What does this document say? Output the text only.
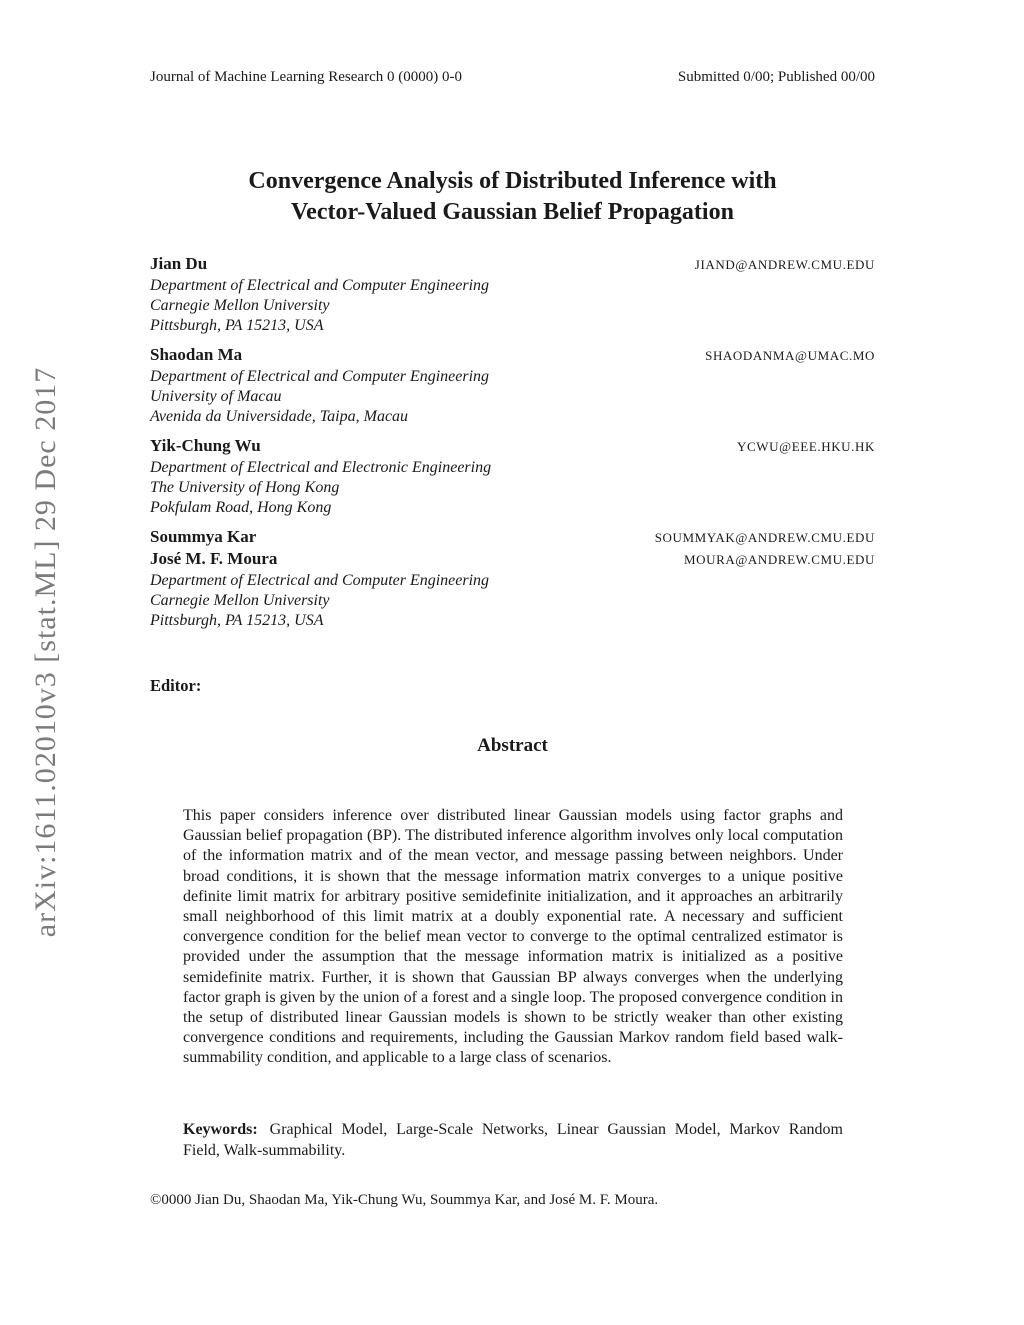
arXiv:1611.02010v3 [stat.ML] 29 Dec 2017
Journal of Machine Learning Research 0 (0000) 0-0	Submitted 0/00; Published 00/00
Convergence Analysis of Distributed Inference with
Vector-Valued Gaussian Belief Propagation
Jian Du	JIAND@ANDREW.CMU.EDU
Department of Electrical and Computer Engineering
Carnegie Mellon University
Pittsburgh, PA 15213, USA
Shaodan Ma	SHAODANMA@UMAC.MO
Department of Electrical and Computer Engineering
University of Macau
Avenida da Universidade, Taipa, Macau
Yik-Chung Wu	YCWU@EEE.HKU.HK
Department of Electrical and Electronic Engineering
The University of Hong Kong
Pokfulam Road, Hong Kong
Soummya Kar	SOUMMYAK@ANDREW.CMU.EDU
José M. F. Moura	MOURA@ANDREW.CMU.EDU
Department of Electrical and Computer Engineering
Carnegie Mellon University
Pittsburgh, PA 15213, USA
Editor:
Abstract
This paper considers inference over distributed linear Gaussian models using factor graphs and Gaussian belief propagation (BP). The distributed inference algorithm involves only local computation of the information matrix and of the mean vector, and message passing between neighbors. Under broad conditions, it is shown that the message information matrix converges to a unique positive definite limit matrix for arbitrary positive semidefinite initialization, and it approaches an arbitrarily small neighborhood of this limit matrix at a doubly exponential rate. A necessary and sufficient convergence condition for the belief mean vector to converge to the optimal centralized estimator is provided under the assumption that the message information matrix is initialized as a positive semidefinite matrix. Further, it is shown that Gaussian BP always converges when the underlying factor graph is given by the union of a forest and a single loop. The proposed convergence condition in the setup of distributed linear Gaussian models is shown to be strictly weaker than other existing convergence conditions and requirements, including the Gaussian Markov random field based walk-summability condition, and applicable to a large class of scenarios.
Keywords: Graphical Model, Large-Scale Networks, Linear Gaussian Model, Markov Random Field, Walk-summability.
©0000 Jian Du, Shaodan Ma, Yik-Chung Wu, Soummya Kar, and José M. F. Moura.
